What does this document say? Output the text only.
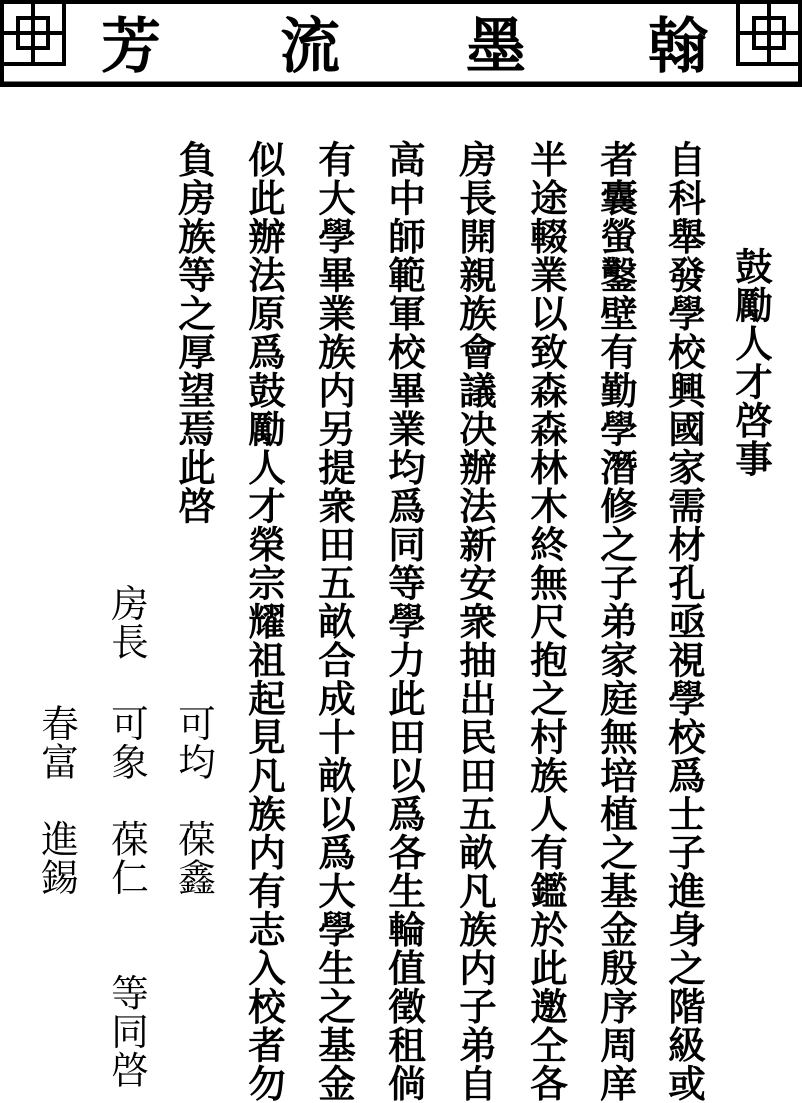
翰
墨
流
芳
鼓勵人才啓事
自科舉發學校興國家需材孔亟視學校爲士子進身之階級或
者囊螢鑿壁有勤學潛修之子弟家庭無培植之基金殷序周庠
半途輟業以致森森林木終無尺抱之村族人有鑑於此邀仝各
房長開親族會議决辦法新安衆抽出民田五畝凡族内子弟自
高中師範軍校畢業均爲同等學力此田以爲各生輪值徵租倘
有大學畢業族内另提衆田五畝合成十畝以爲大學生之基金
似此辦法原爲鼓勵人才榮宗耀祖起見凡族内有志入校者勿
負房族等之厚望焉此啓
房長
可均　葆鑫
可象　葆仁　　等同啓
春富　進錫
